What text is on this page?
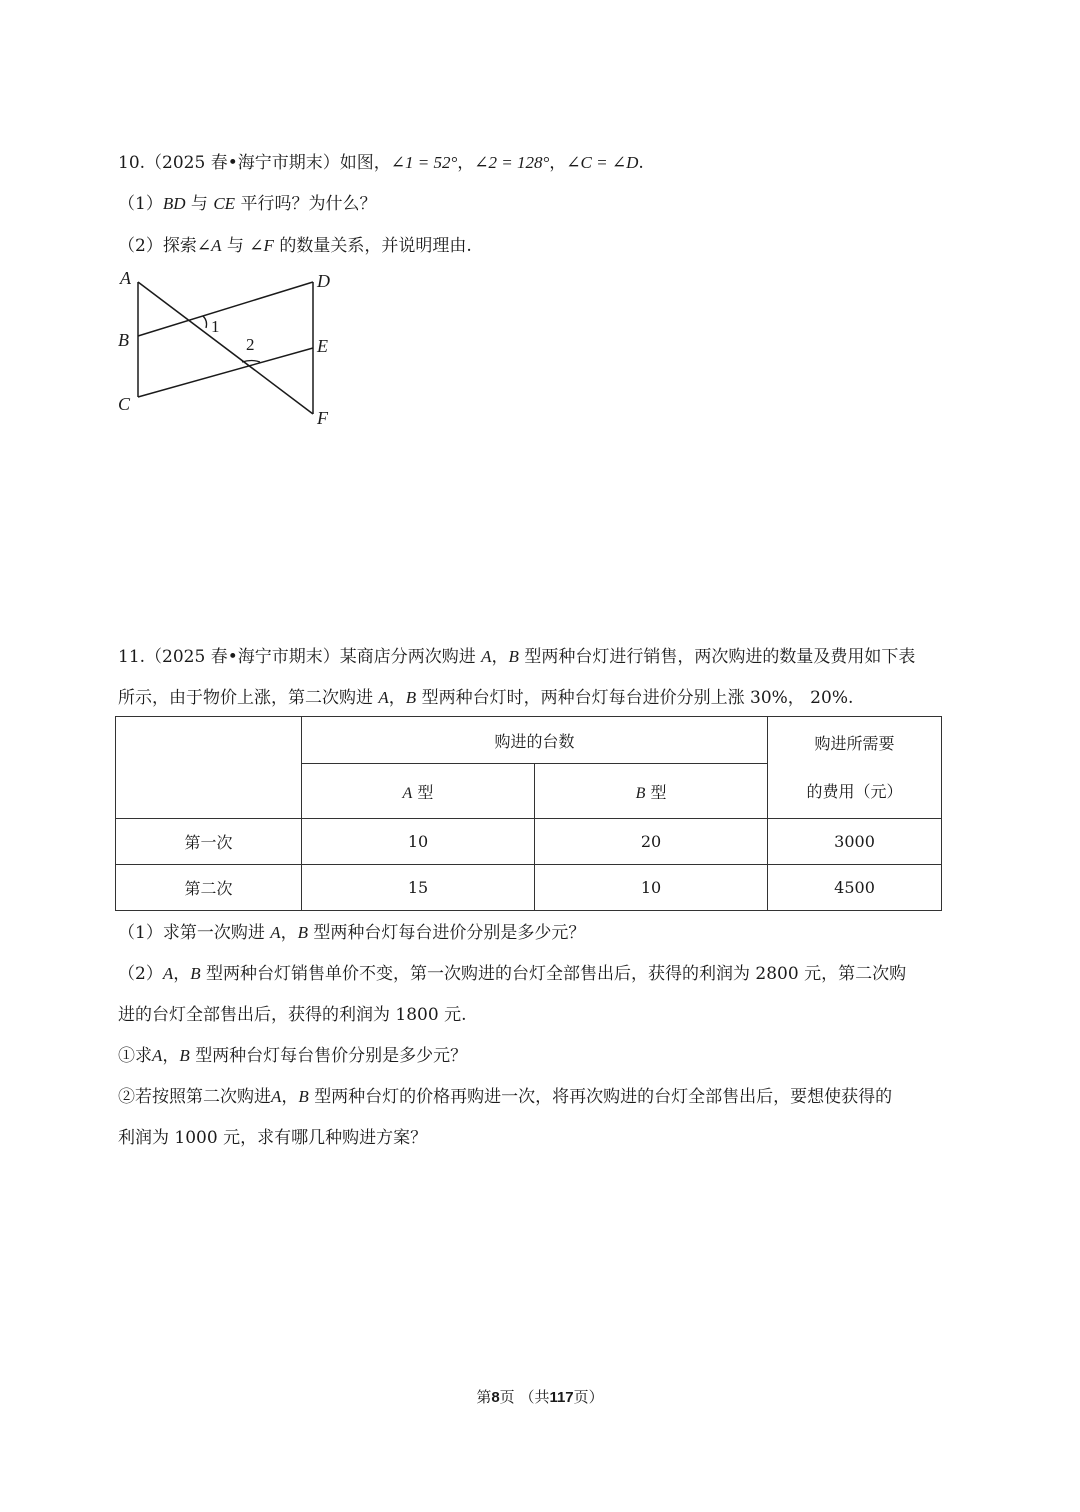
10.（2025 春•海宁市期末）如图，∠1 = 52°，∠2 = 128°，∠C = ∠D.
（1）BD 与 CE 平行吗？为什么？
（2）探索∠A 与 ∠F 的数量关系，并说明理由.
A
B
C
D
E
F
1
2
11.（2025 春•海宁市期末）某商店分两次购进 A，B 型两种台灯进行销售，两次购进的数量及费用如下表
所示，由于物价上涨，第二次购进 A，B 型两种台灯时，两种台灯每台进价分别上涨 30%， 20%.
	购进的台数		购进所需要
的费用（元）

	A 型	B 型	
第一次	10	20	3000
第二次	15	10	4500
（1）求第一次购进 A，B 型两种台灯每台进价分别是多少元？
（2）A，B 型两种台灯销售单价不变，第一次购进的台灯全部售出后，获得的利润为 2800 元，第二次购
进的台灯全部售出后，获得的利润为 1800 元.
①求A，B 型两种台灯每台售价分别是多少元？
②若按照第二次购进A，B 型两种台灯的价格再购进一次，将再次购进的台灯全部售出后，要想使获得的
利润为 1000 元，求有哪几种购进方案？
第8页 （共117页）
